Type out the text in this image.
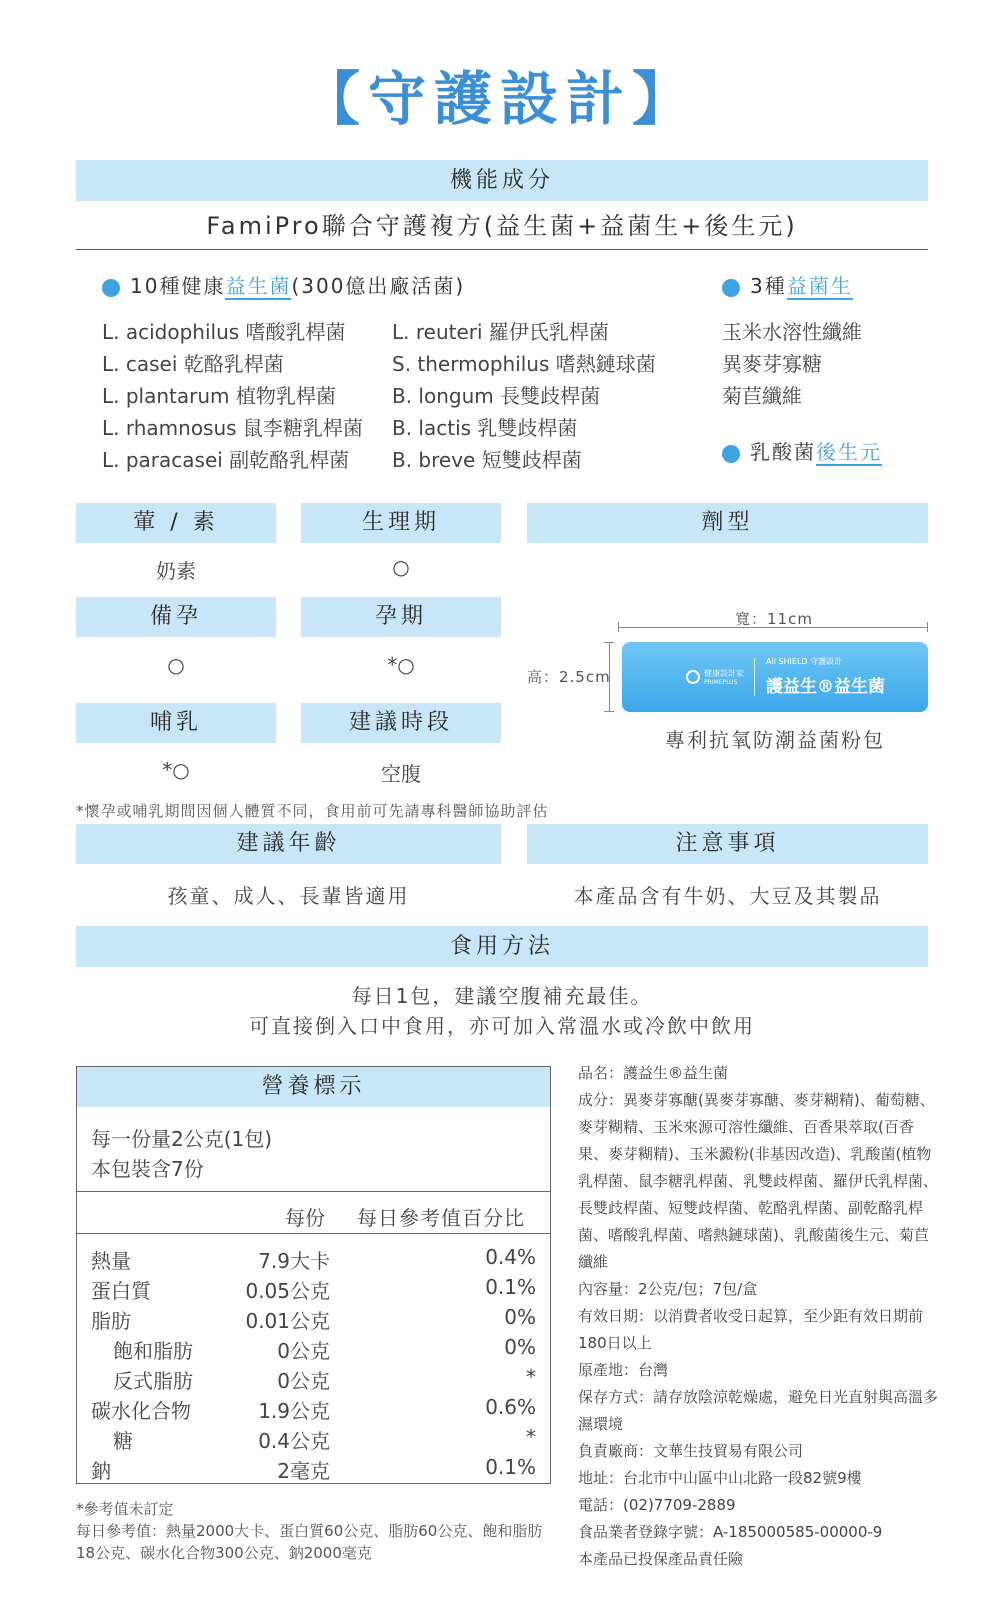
【守護設計】
機能成分
FamiPro聯合守護複方(益生菌+益菌生+後生元)
10種健康益生菌(300億出廠活菌)
L. acidophilus 嗜酸乳桿菌
L. casei 乾酪乳桿菌
L. plantarum 植物乳桿菌
L. rhamnosus 鼠李糖乳桿菌
L. paracasei 副乾酪乳桿菌
L. reuteri 羅伊氏乳桿菌
S. thermophilus 嗜熱鏈球菌
B. longum 長雙歧桿菌
B. lactis 乳雙歧桿菌
B. breve 短雙歧桿菌
3種益菌生
玉米水溶性纖維
異麥芽寡糖
菊苣纖維
乳酸菌後生元
葷 / 素	生理期	劑型
奶素	○
備孕	孕期
○	*○
哺乳	建議時段
*○	空腹
寬：11cm
高：2.5cm	健康設計家
PRIMEPLUS
All SHIELD 守護設計
護益生®益生菌
專利抗氧防潮益菌粉包
*懷孕或哺乳期間因個人體質不同，食用前可先請專科醫師協助評估
建議年齡	注意事項
孩童、成人、長輩皆適用	本產品含有牛奶、大豆及其製品
食用方法
每日1包，建議空腹補充最佳。
可直接倒入口中食用，亦可加入常溫水或冷飲中飲用
營養標示
每一份量2公克(1包)
本包裝含7份
每份 每日參考值百分比
熱量	7.9大卡	0.4%
蛋白質	0.05公克	0.1%
脂肪	0.01公克	0%
飽和脂肪	0公克	0%
反式脂肪	0公克	*
碳水化合物	1.9公克	0.6%
糖	0.4公克	*
鈉	2毫克	0.1%
*參考值未訂定
每日參考值：熱量2000大卡、蛋白質60公克、脂肪60公克、飽和脂肪
18公克、碳水化合物300公克、鈉2000毫克

品名：護益生®益生菌

成分：異麥芽寡醣(異麥芽寡醣、麥芽糊精)、葡萄糖、麥芽糊精、玉米來源可溶性纖維、百香果萃取(百香果、麥芽糊精)、玉米澱粉(非基因改造)、乳酸菌(植物乳桿菌、鼠李糖乳桿菌、乳雙歧桿菌、羅伊氏乳桿菌、長雙歧桿菌、短雙歧桿菌、乾酪乳桿菌、副乾酪乳桿菌、嗜酸乳桿菌、嗜熱鏈球菌)、乳酸菌後生元、菊苣纖維

內容量：2公克/包；7包/盒

有效日期：以消費者收受日起算，至少距有效日期前180日以上

原產地：台灣

保存方式：請存放陰涼乾燥處，避免日光直射與高溫多濕環境

負責廠商：文華生技貿易有限公司

地址：台北市中山區中山北路一段82號9樓

電話：(02)7709-2889

食品業者登錄字號：A-185000585-00000-9

本產品已投保產品責任險
